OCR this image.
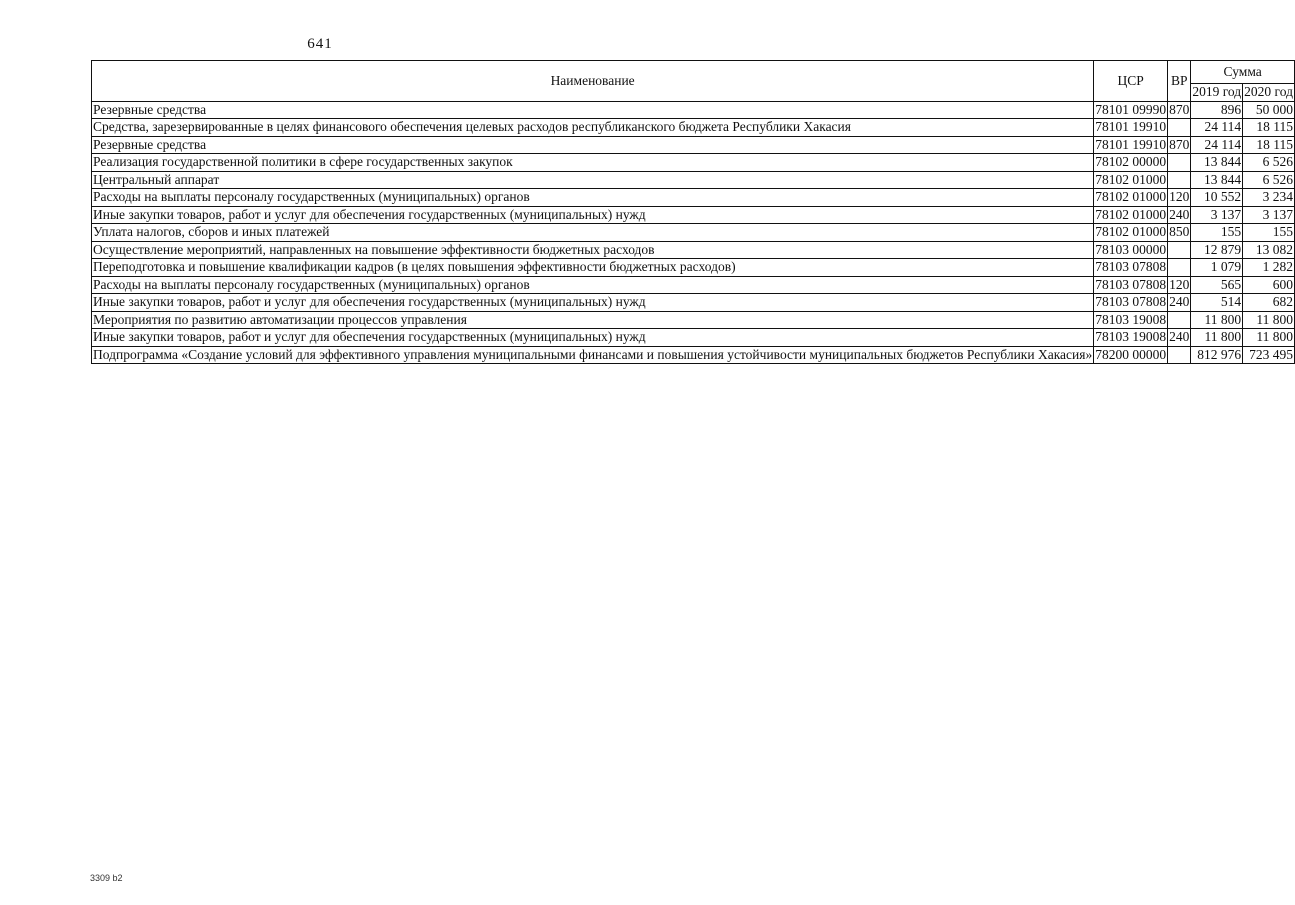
641
Наименование	ЦСР	ВР	Сумма	
			2019 год	2020 год
Резервные средства	78101 09990	870	896	50 000
Средства, зарезервированные в целях финансового обеспечения целевых расходов республиканского бюджета Республики Хакасия	78101 19910		24 114	18 115
Резервные средства	78101 19910	870	24 114	18 115
Реализация государственной политики в сфере государственных закупок	78102 00000		13 844	6 526
Центральный аппарат	78102 01000		13 844	6 526
Расходы на выплаты персоналу государственных (муниципальных) органов	78102 01000	120	10 552	3 234
Иные закупки товаров, работ и услуг для обеспечения государственных (муниципальных) нужд	78102 01000	240	3 137	3 137
Уплата налогов, сборов и иных платежей	78102 01000	850	155	155
Осуществление мероприятий, направленных на повышение эффективности бюджетных расходов	78103 00000		12 879	13 082
Переподготовка и повышение квалификации кадров (в целях повышения эффективности бюджетных расходов)	78103 07808		1 079	1 282
Расходы на выплаты персоналу государственных (муниципальных) органов	78103 07808	120	565	600
Иные закупки товаров, работ и услуг для обеспечения государственных (муниципальных) нужд	78103 07808	240	514	682
Мероприятия по развитию автоматизации процессов управления	78103 19008		11 800	11 800
Иные закупки товаров, работ и услуг для обеспечения государственных (муниципальных) нужд	78103 19008	240	11 800	11 800
Подпрограмма «Создание условий для эффективного управления муниципальными финансами и повышения устойчивости муниципальных бюджетов Республики Хакасия»	78200 00000		812 976	723 495
3309 b2
